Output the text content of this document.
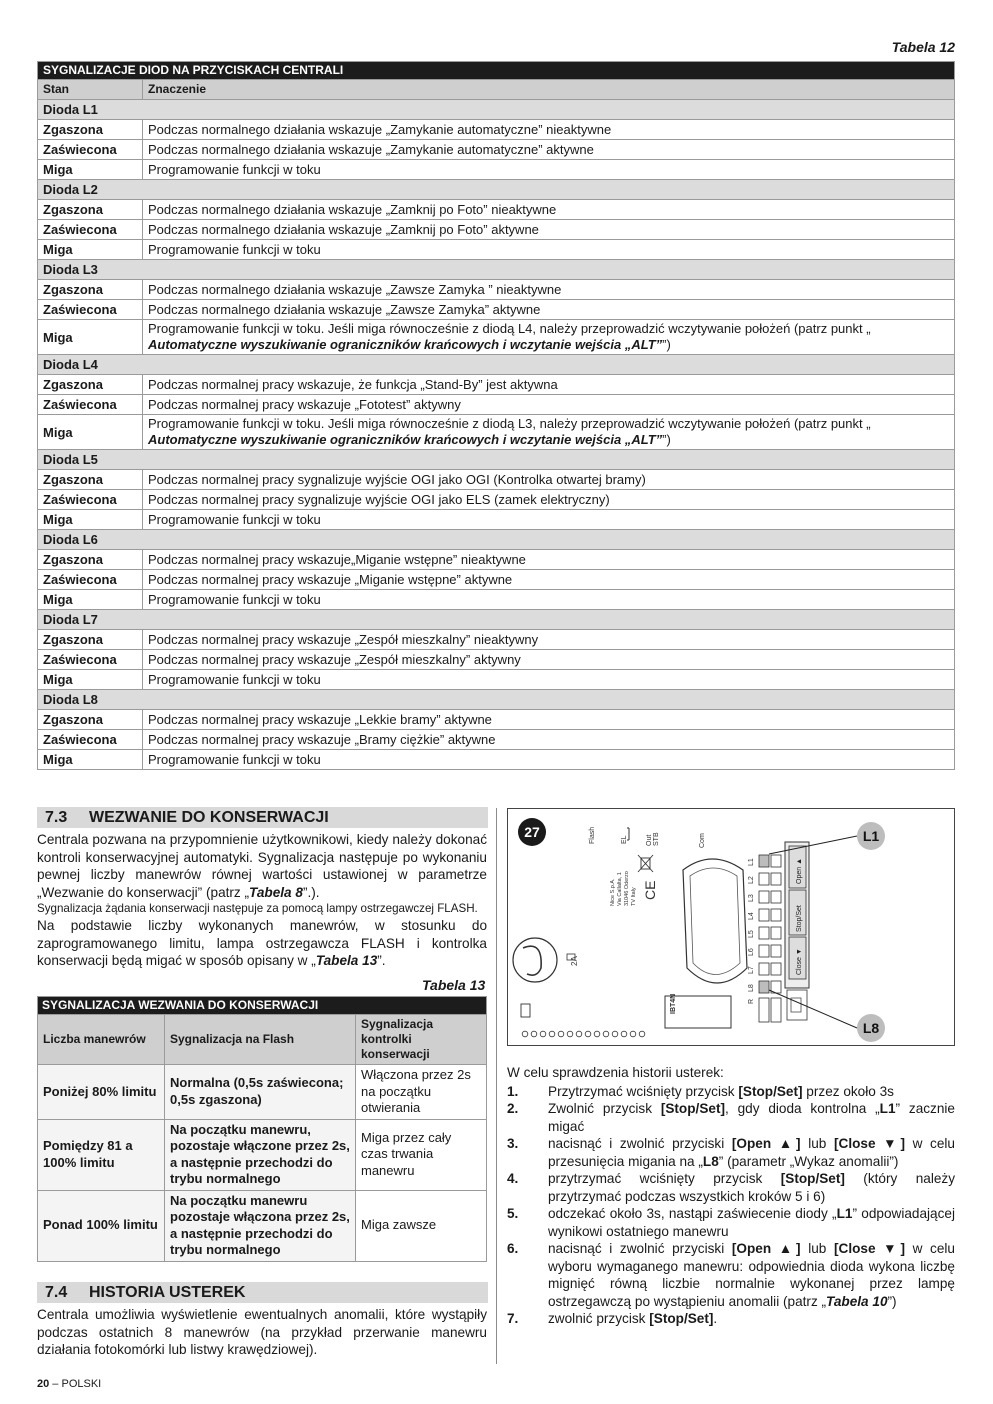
Tabela 12
SYGNALIZACJE DIOD NA PRZYCISKACH CENTRALI	
Stan	Znaczenie
Dioda L1	
Zgaszona	Podczas normalnego działania wskazuje „Zamykanie automatyczne” nieaktywne
Zaświecona	Podczas normalnego działania wskazuje „Zamykanie automatyczne” aktywne
Miga	Programowanie funkcji w toku
Dioda L2	
Zgaszona	Podczas normalnego działania wskazuje „Zamknij po Foto” nieaktywne
Zaświecona	Podczas normalnego działania wskazuje „Zamknij po Foto” aktywne
Miga	Programowanie funkcji w toku
Dioda L3	
Zgaszona	Podczas normalnego działania wskazuje „Zawsze Zamyka ” nieaktywne
Zaświecona	Podczas normalnego działania wskazuje „Zawsze Zamyka” aktywne
Miga	Programowanie funkcji w toku. Jeśli miga równocześnie z diodą L4, należy przeprowadzić wczytywanie położeń (patrz punkt „ Automatyczne wyszukiwanie ograniczników krańcowych i wczytanie wejścia „ALT””)
Dioda L4	
Zgaszona	Podczas normalnej pracy wskazuje, że funkcja „Stand-By” jest aktywna
Zaświecona	Podczas normalnej pracy wskazuje „Fototest” aktywny
Miga	Programowanie funkcji w toku. Jeśli miga równocześnie z diodą L3, należy przeprowadzić wczytywanie położeń (patrz punkt „ Automatyczne wyszukiwanie ograniczników krańcowych i wczytanie wejścia „ALT””)
Dioda L5	
Zgaszona	Podczas normalnej pracy sygnalizuje wyjście OGI jako OGI (Kontrolka otwartej bramy)
Zaświecona	Podczas normalnej pracy sygnalizuje wyjście OGI jako ELS (zamek elektryczny)
Miga	Programowanie funkcji w toku
Dioda L6	
Zgaszona	Podczas normalnej pracy wskazuje„Miganie wstępne” nieaktywne
Zaświecona	Podczas normalnej pracy wskazuje „Miganie wstępne” aktywne
Miga	Programowanie funkcji w toku
Dioda L7	
Zgaszona	Podczas normalnej pracy wskazuje „Zespół mieszkalny” nieaktywny
Zaświecona	Podczas normalnej pracy wskazuje „Zespół mieszkalny” aktywny
Miga	Programowanie funkcji w toku
Dioda L8	
Zgaszona	Podczas normalnej pracy wskazuje „Lekkie bramy” aktywne
Zaświecona	Podczas normalnej pracy wskazuje „Bramy ciężkie” aktywne
Miga	Programowanie funkcji w toku
7.3 WEZWANIE DO KONSERWACJI
Centrala pozwana na przypomnienie użytkownikowi, kiedy należy dokonać kontroli konserwacyjnej automatyki. Sygnalizacja następuje po wykonaniu pewnej liczby manewrów równej wartości ustawionej w parametrze „Wezwanie do konserwacji” (patrz „Tabela 8”.).
Sygnalizacja żądania konserwacji następuje za pomocą lampy ostrzegawczej FLASH.
Na podstawie liczby wykonanych manewrów, w stosunku do zaprogramowanego limitu, lampa ostrzegawcza FLASH i kontrolka konserwacji będą migać w sposób opisany w „Tabela 13”.
Tabela 13
SYGNALIZACJA WEZWANIA DO KONSERWACJI		
Liczba manewrów	Sygnalizacja na Flash	Sygnalizacja kontrolki konserwacji
Poniżej 80% limitu	Normalna (0,5s zaświecona; 0,5s zgaszona)	Włączona przez 2s na początku otwierania
Pomiędzy 81 a 100% limitu	Na początku manewru, pozostaje włączone przez 2s, a następnie przechodzi do trybu normalnego	Miga przez cały czas trwania manewru
Ponad 100% limitu	Na początku manewru pozostaje włączona przez 2s, a następnie przechodzi do trybu normalnego	Miga zawsze
7.4 HISTORIA USTEREK
Centrala umożliwia wyświetlenie ewentualnych anomalii, które wystąpiły podczas ostatnich 8 manewrów (na przykład przerwanie manewru działania fotokomórki lub listwy krawędziowej).
27	Flash	EL	Out STB	Com
Nice S.p.A. Via Callalta, 1 31046 Oderzo TV Italy CE
2A
IBT4N
L1
L2
L3
L4
L5
L6
L7
L8
R
Open ▲
Stop/Set
Close ▼
L1
L8
W celu sprawdzenia historii usterek:
1. Przytrzymać wciśnięty przycisk [Stop/Set] przez około 3s
2. Zwolnić przycisk [Stop/Set], gdy dioda kontrolna „L1” zacznie migać
3. nacisnąć i zwolnić przyciski [Open ▲] lub [Close ▼] w celu przesunięcia migania na „L8” (parametr „Wykaz anomalii”)
4. przytrzymać wciśnięty przycisk [Stop/Set] (który należy przytrzymać podczas wszystkich kroków 5 i 6)
5. odczekać około 3s, nastąpi zaświecenie diody „L1” odpowiadającej wynikowi ostatniego manewru
6. nacisnąć i zwolnić przyciski [Open ▲] lub [Close ▼] w celu wyboru wymaganego manewru: odpowiednia dioda wykona liczbę mignięć równą liczbie normalnie wykonanej przez lampę ostrzegawczą po wystąpieniu anomalii (patrz „Tabela 10”)
7. zwolnić przycisk [Stop/Set].
20 – POLSKI
